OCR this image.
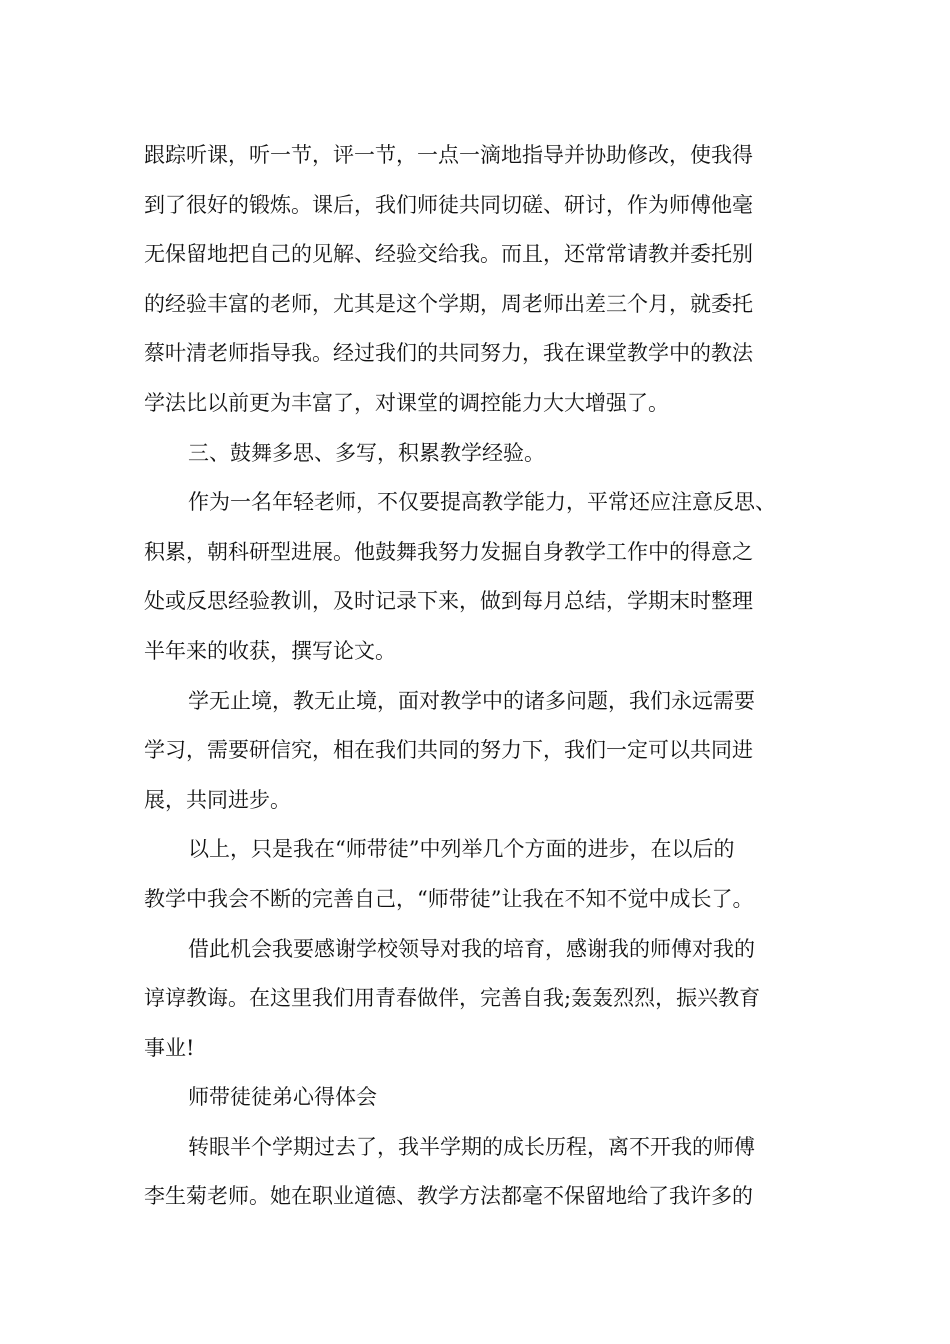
跟踪听课，听一节，评一节，一点一滴地指导并协助修改，使我得
到了很好的锻炼。课后，我们师徒共同切磋、研讨，作为师傅他毫
无保留地把自己的见解、经验交给我。而且，还常常请教并委托别
的经验丰富的老师，尤其是这个学期，周老师出差三个月，就委托
蔡叶清老师指导我。经过我们的共同努力，我在课堂教学中的教法
学法比以前更为丰富了，对课堂的调控能力大大增强了。
三、鼓舞多思、多写，积累教学经验。
作为一名年轻老师，不仅要提高教学能力，平常还应注意反思、
积累，朝科研型进展。他鼓舞我努力发掘自身教学工作中的得意之
处或反思经验教训，及时记录下来，做到每月总结，学期末时整理
半年来的收获，撰写论文。
学无止境，教无止境，面对教学中的诸多问题，我们永远需要
学习，需要研信究，相在我们共同的努力下，我们一定可以共同进
展，共同进步。
以上，只是我在“师带徒”中列举几个方面的进步，在以后的
教学中我会不断的完善自己，“师带徒”让我在不知不觉中成长了。
借此机会我要感谢学校领导对我的培育，感谢我的师傅对我的
谆谆教诲。在这里我们用青春做伴，完善自我;轰轰烈烈，振兴教育
事业!
师带徒徒弟心得体会
转眼半个学期过去了，我半学期的成长历程，离不开我的师傅
李生菊老师。她在职业道德、教学方法都毫不保留地给了我许多的
